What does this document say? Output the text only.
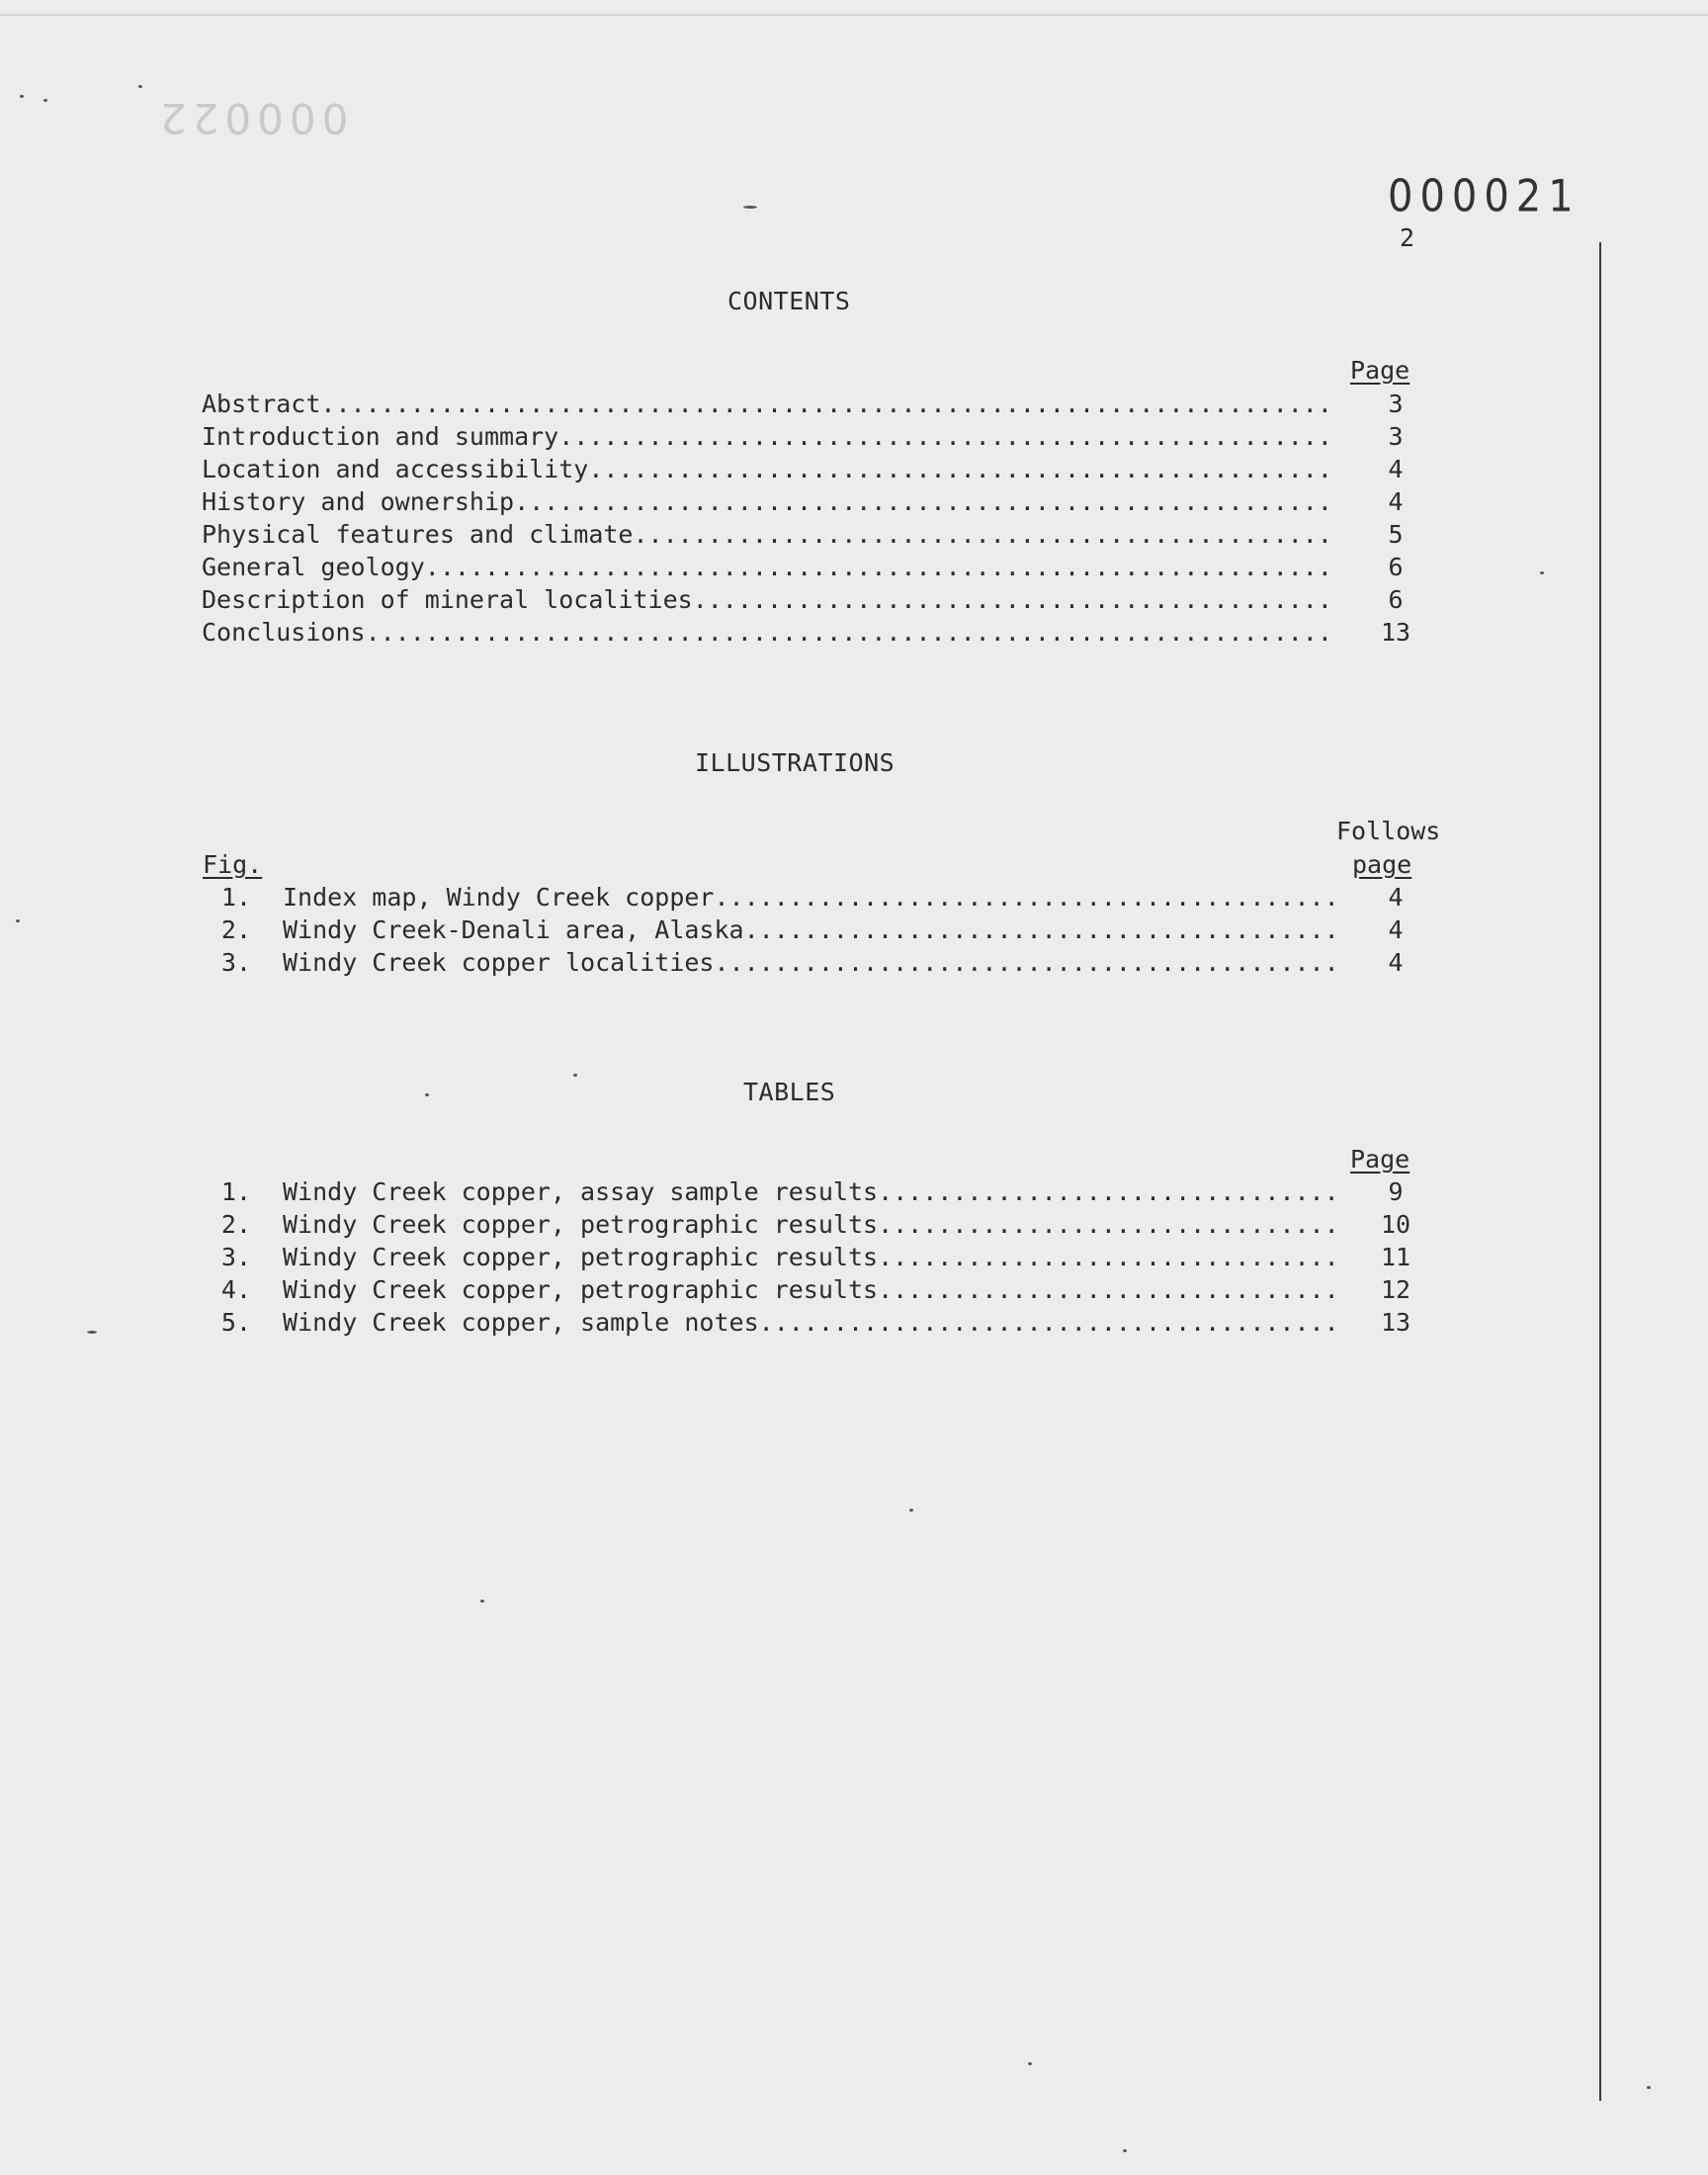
000022
000021
2
CONTENTS
Page
Abstract .....	3
Introduction and summary .....	3
Location and accessibility .....	4
History and ownership .....	4
Physical features and climate .....	5
General geology .....	6
Description of mineral localities .....	6
Conclusions .....	13
ILLUSTRATIONS
Follows
page
Fig.
1. Index map, Windy Creek copper .....	4
2. Windy Creek-Denali area, Alaska .....	4
3. Windy Creek copper localities .....	4
TABLES
Page
1. Windy Creek copper, assay sample results .....	9
2. Windy Creek copper, petrographic results .....	10
3. Windy Creek copper, petrographic results .....	11
4. Windy Creek copper, petrographic results .....	12
5. Windy Creek copper, sample notes .....	13
